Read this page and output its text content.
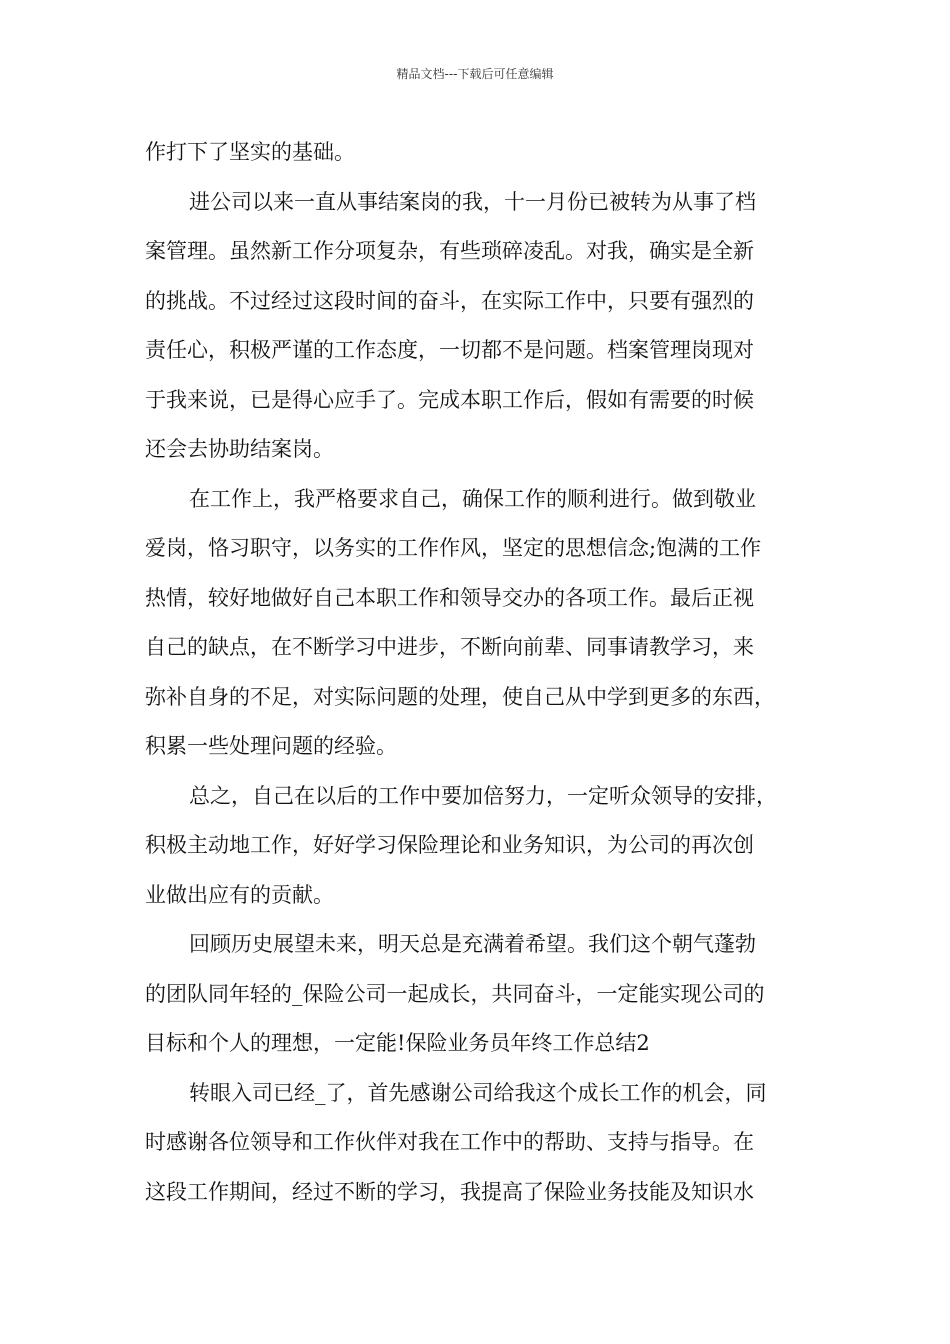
精品文档---下载后可任意编辑
作打下了坚实的基础。
进公司以来一直从事结案岗的我，十一月份已被转为从事了档
案管理。虽然新工作分项复杂，有些琐碎凌乱。对我，确实是全新
的挑战。不过经过这段时间的奋斗，在实际工作中，只要有强烈的
责任心，积极严谨的工作态度，一切都不是问题。档案管理岗现对
于我来说，已是得心应手了。完成本职工作后，假如有需要的时候
还会去协助结案岗。
在工作上，我严格要求自己，确保工作的顺利进行。做到敬业
爱岗，恪习职守，以务实的工作作风，坚定的思想信念;饱满的工作
热情，较好地做好自己本职工作和领导交办的各项工作。最后正视
自己的缺点，在不断学习中进步，不断向前辈、同事请教学习，来
弥补自身的不足，对实际问题的处理，使自己从中学到更多的东西，
积累一些处理问题的经验。
总之，自己在以后的工作中要加倍努力，一定听众领导的安排，
积极主动地工作，好好学习保险理论和业务知识，为公司的再次创
业做出应有的贡献。
回顾历史展望未来，明天总是充满着希望。我们这个朝气蓬勃
的团队同年轻的_保险公司一起成长，共同奋斗，一定能实现公司的
目标和个人的理想，一定能!保险业务员年终工作总结2
转眼入司已经_了，首先感谢公司给我这个成长工作的机会，同
时感谢各位领导和工作伙伴对我在工作中的帮助、支持与指导。在
这段工作期间，经过不断的学习，我提高了保险业务技能及知识水
